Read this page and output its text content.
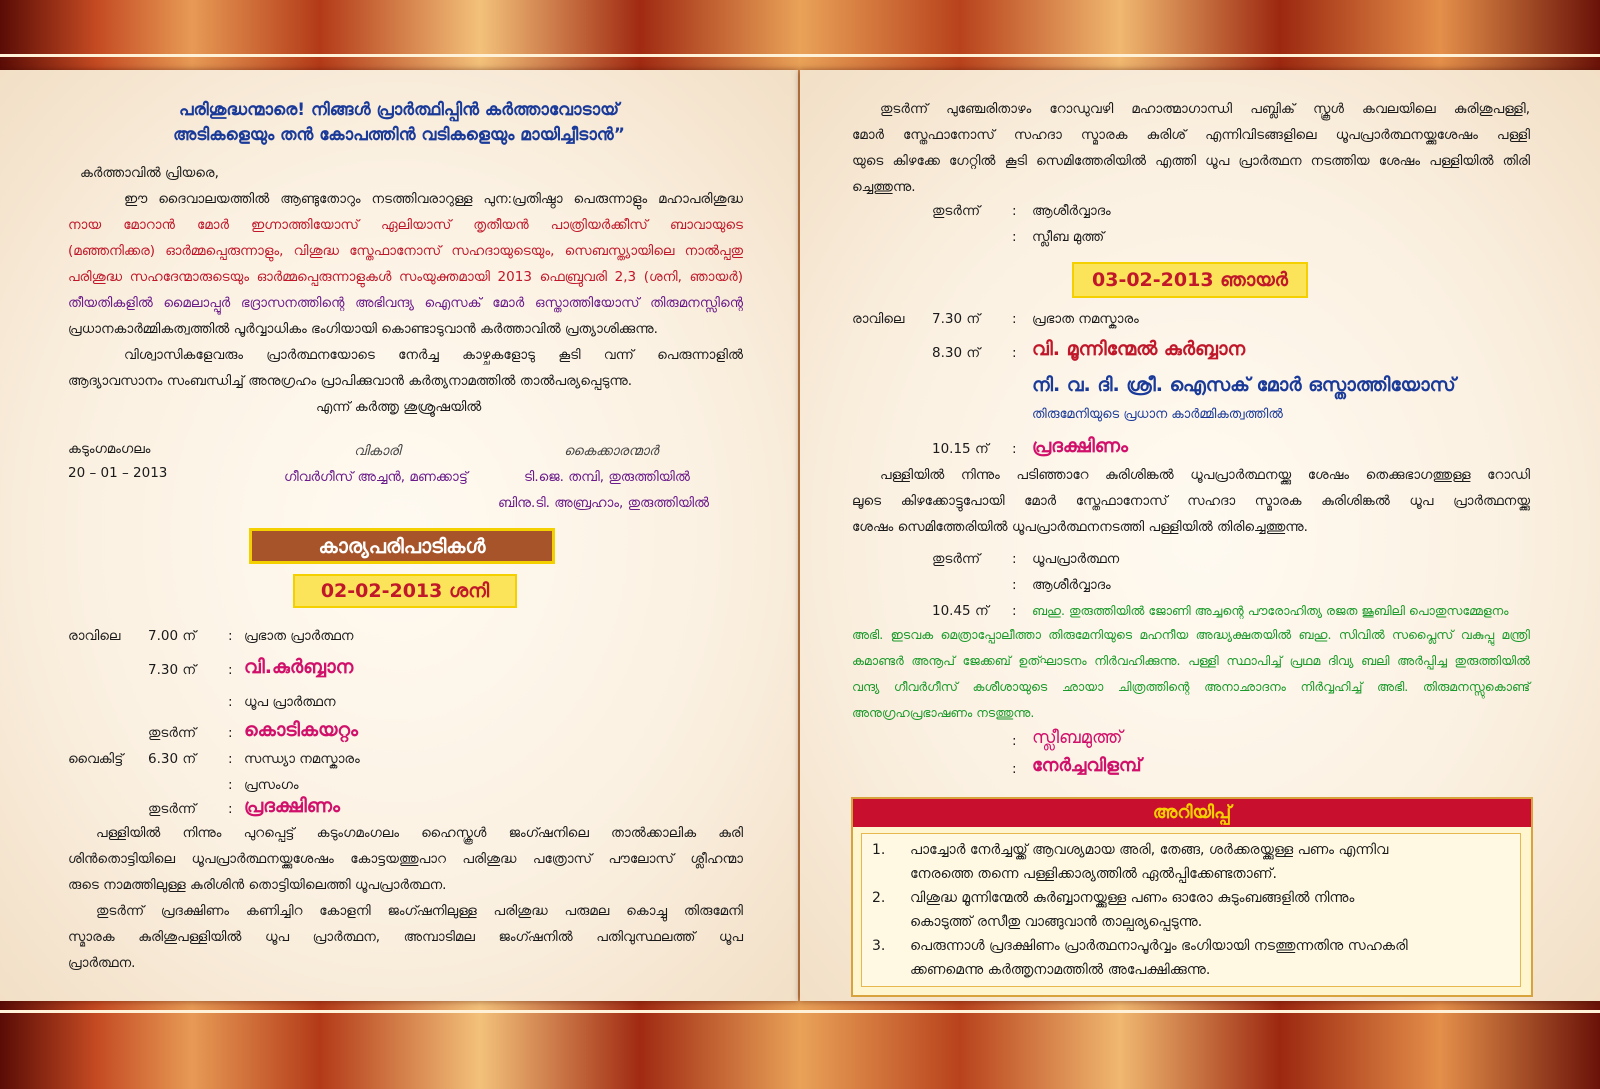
പരിശുദ്ധന്മാരെ! നിങ്ങൾ പ്രാർത്ഥിപ്പിൻ കർത്താവോടായ്
അടികളെയും തൻ കോപത്തിൻ വടികളെയും മായിച്ചീടാൻ”
കർത്താവിൽ പ്രിയരെ,
ഈ ദൈവാലയത്തിൽ ആണ്ടുതോറും നടത്തിവരാറുള്ള പുന:പ്രതിഷ്ഠാ പെരുന്നാളും മഹാപരിശുദ്ധ
നായ മോറാൻ മോർ ഇഗ്നാത്തിയോസ് ഏലിയാസ് തൃതീയൻ പാത്രിയർക്കീസ് ബാവായുടെ
(മഞ്ഞനിക്കര) ഓർമ്മപ്പെരുന്നാളും, വിശുദ്ധ സ്തേഫാനോസ് സഹദായുടെയും, സെബസ്ത്യായിലെ നാൽപ്പതു
പരിശുദ്ധ സഹദേന്മാരുടെയും ഓർമ്മപ്പെരുന്നാളുകൾ സംയുക്തമായി 2013 ഫെബ്രുവരി 2,3 (ശനി, ഞായർ)
തീയതികളിൽ മൈലാപ്പൂർ ഭദ്രാസനത്തിന്റെ അഭിവന്ദ്യ ഐസക് മോർ ഒസ്താത്തിയോസ് തിരുമനസ്സിന്റെ
പ്രധാനകാർമ്മികത്വത്തിൽ പൂർവ്വാധികം ഭംഗിയായി കൊണ്ടാടുവാൻ കർത്താവിൽ പ്രത്യാശിക്കുന്നു.
വിശ്വാസികളേവരും പ്രാർത്ഥനയോടെ നേർച്ച കാഴ്ചകളോടു കൂടി വന്ന് പെരുന്നാളിൽ
ആദ്യാവസാനം സംബന്ധിച്ച് അനുഗ്രഹം പ്രാപിക്കുവാൻ കർത്യനാമത്തിൽ താൽപര്യപ്പെടുന്നു.
എന്ന് കർത്തൃ ശുശ്രൂഷയിൽ
കടുംഗമംഗലം
20 – 01 – 2013
വികാരി
ഗീവർഗീസ് അച്ചൻ, മണക്കാട്ട്
കൈക്കാരന്മാർ
ടി.ജെ. തമ്പി, തുരുത്തിയിൽ
ബിനു.ടി. അബ്രഹാം, തുരുത്തിയിൽ
കാര്യപരിപാടികൾ
02-02-2013 ശനി
രാവിലെ 7.00 ന് : പ്രഭാത പ്രാർത്ഥന
7.30 ന് : വി.കുർബ്ബാന
: ധൂപ പ്രാർത്ഥന
തുടർന്ന് : കൊടികയറ്റം
വൈകിട്ട് 6.30 ന് : സന്ധ്യാ നമസ്കാരം
: പ്രസംഗം
തുടർന്ന് : പ്രദക്ഷിണം
പള്ളിയിൽ നിന്നും പുറപ്പെട്ട് കടുംഗമംഗലം ഹൈസ്കൂൾ ജംഗ്ഷനിലെ താൽക്കാലിക കുരി
ശിൻതൊട്ടിയിലെ ധൂപപ്രാർത്ഥനയ്ക്കുശേഷം കോട്ടയത്തുപാറ പരിശുദ്ധ പത്രോസ് പൗലോസ് ശ്ലീഹന്മാ
രുടെ നാമത്തിലുള്ള കുരിശിൻ തൊട്ടിയിലെത്തി ധൂപപ്രാർത്ഥന.
തുടർന്ന് പ്രദക്ഷിണം കണിച്ചിറ കോളനി ജംഗ്ഷനിലുള്ള പരിശുദ്ധ പരുമല കൊച്ചു തിരുമേനി
സ്മാരക കുരിശുപള്ളിയിൽ ധൂപ പ്രാർത്ഥന, അമ്പാടിമല ജംഗ്ഷനിൽ പതിവുസ്ഥലത്ത് ധൂപ
പ്രാർത്ഥന.
തുടർന്ന് പുഞ്ചേരിതാഴം റോഡുവഴി മഹാത്മാഗാന്ധി പബ്ലിക് സ്കൂൾ കവലയിലെ കുരിശുപള്ളി,
മോർ സ്തേഫാനോസ് സഹദാ സ്മാരക കുരിശ് എന്നിവിടങ്ങളിലെ ധൂപപ്രാർത്ഥനയ്ക്കുശേഷം പള്ളി
യുടെ കിഴക്കേ ഗേറ്റിൽ കൂടി സെമിത്തേരിയിൽ എത്തി ധൂപ പ്രാർത്ഥന നടത്തിയ ശേഷം പള്ളിയിൽ തിരി
ച്ചെത്തുന്നു.
തുടർന്ന് : ആശീർവ്വാദം
: സ്ലീബ മുത്ത്
03-02-2013 ഞായർ
രാവിലെ 7.30 ന് : പ്രഭാത നമസ്കാരം
8.30 ന് : വി. മൂന്നിന്മേൽ കുർബ്ബാന
നി. വ. ദി. ശ്രീ. ഐസക് മോർ ഒസ്താത്തിയോസ്
തിരുമേനിയുടെ പ്രധാന കാർമ്മികത്വത്തിൽ
10.15 ന് : പ്രദക്ഷിണം
പള്ളിയിൽ നിന്നും പടിഞ്ഞാറേ കുരിശിങ്കൽ ധൂപപ്രാർത്ഥനയ്ക്കു ശേഷം തെക്കുഭാഗത്തുള്ള റോഡി
ലൂടെ കിഴക്കോട്ടുപോയി മോർ സ്തേഫാനോസ് സഹദാ സ്മാരക കുരിശിങ്കൽ ധൂപ പ്രാർത്ഥനയ്ക്കു
ശേഷം സെമിത്തേരിയിൽ ധൂപപ്രാർത്ഥനനടത്തി പള്ളിയിൽ തിരിച്ചെത്തുന്നു.
തുടർന്ന് : ധൂപപ്രാർത്ഥന
: ആശീർവ്വാദം
10.45 ന് : ബഹു. തുരുത്തിയിൽ ജോണി അച്ചന്റെ പൗരോഹിത്യ രജത ജൂബിലി പൊതുസമ്മേളനം
അഭി. ഇടവക മെത്രാപ്പോലീത്താ തിരുമേനിയുടെ മഹനീയ അദ്ധ്യക്ഷതയിൽ ബഹു. സിവിൽ സപ്ലൈസ് വകുപ്പു മന്ത്രി
കമാണ്ടർ അനൂപ് ജേക്കബ് ഉത്ഘാടനം നിർവഹിക്കുന്നു. പള്ളി സ്ഥാപിച്ച് പ്രഥമ ദിവ്യ ബലി അർപ്പിച്ച തുരുത്തിയിൽ
വന്ദ്യ ഗീവർഗീസ് കശീശായുടെ ഛായാ ചിത്രത്തിന്റെ അനാഛാദനം നിർവ്വഹിച്ച് അഭി. തിരുമനസ്സുകൊണ്ട്
അനുഗ്രഹപ്രഭാഷണം നടത്തുന്നു.
: സ്ലീബമുത്ത്
: നേർച്ചവിളമ്പ്
അറിയിപ്പ്
1. പാച്ചോർ നേർച്ചയ്ക്ക് ആവശ്യമായ അരി, തേങ്ങ, ശർക്കരയ്ക്കുള്ള പണം എന്നിവ
നേരത്തെ തന്നെ പള്ളിക്കാര്യത്തിൽ ഏൽപ്പിക്കേണ്ടതാണ്.
2. വിശുദ്ധ മൂന്നിന്മേൽ കുർബ്ബാനയ്ക്കുള്ള പണം ഓരോ കുടുംബങ്ങളിൽ നിന്നും
കൊടുത്ത് രസീതു വാങ്ങുവാൻ താല്പര്യപ്പെടുന്നു.
3. പെരുന്നാൾ പ്രദക്ഷിണം പ്രാർത്ഥനാപൂർവ്വം ഭംഗിയായി നടത്തുന്നതിനു സഹകരി
ക്കണമെന്നു കർത്തൃനാമത്തിൽ അപേക്ഷിക്കുന്നു.
